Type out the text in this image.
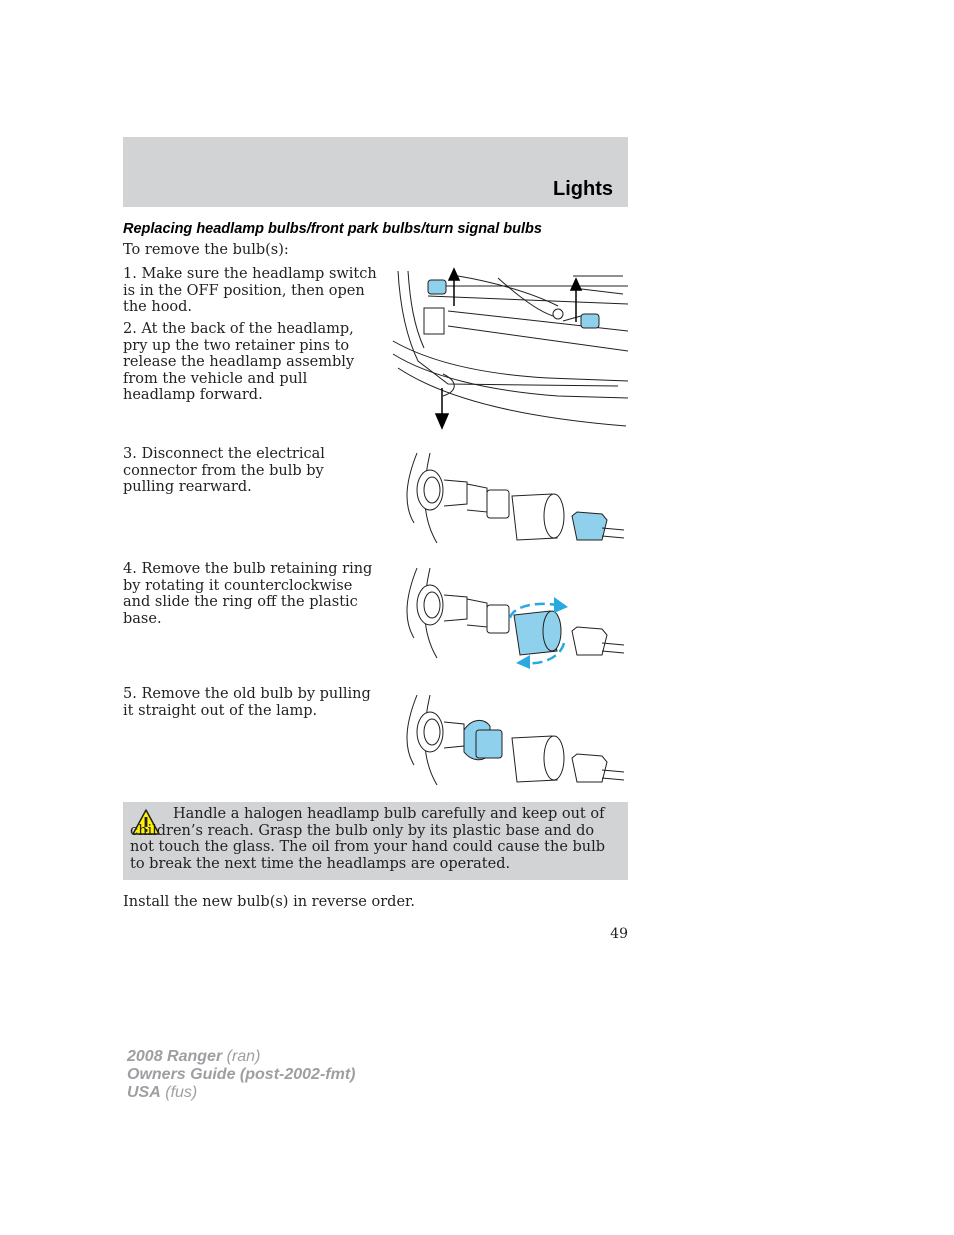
Lights
Replacing headlamp bulbs/front park bulbs/turn signal bulbs
To remove the bulb(s):
1. Make sure the headlamp switch is in the OFF position, then open the hood.
2. At the back of the headlamp, pry up the two retainer pins to release the headlamp assembly from the vehicle and pull headlamp forward.
3. Disconnect the electrical connector from the bulb by pulling rearward.
4. Remove the bulb retaining ring by rotating it counterclockwise and slide the ring off the plastic base.
5. Remove the old bulb by pulling it straight out of the lamp.
Handle a halogen headlamp bulb carefully and keep out of children’s reach. Grasp the bulb only by its plastic base and do not touch the glass. The oil from your hand could cause the bulb to break the next time the headlamps are operated.
Install the new bulb(s) in reverse order.
49
2008 Ranger (ran)
Owners Guide (post-2002-fmt)
USA (fus)
